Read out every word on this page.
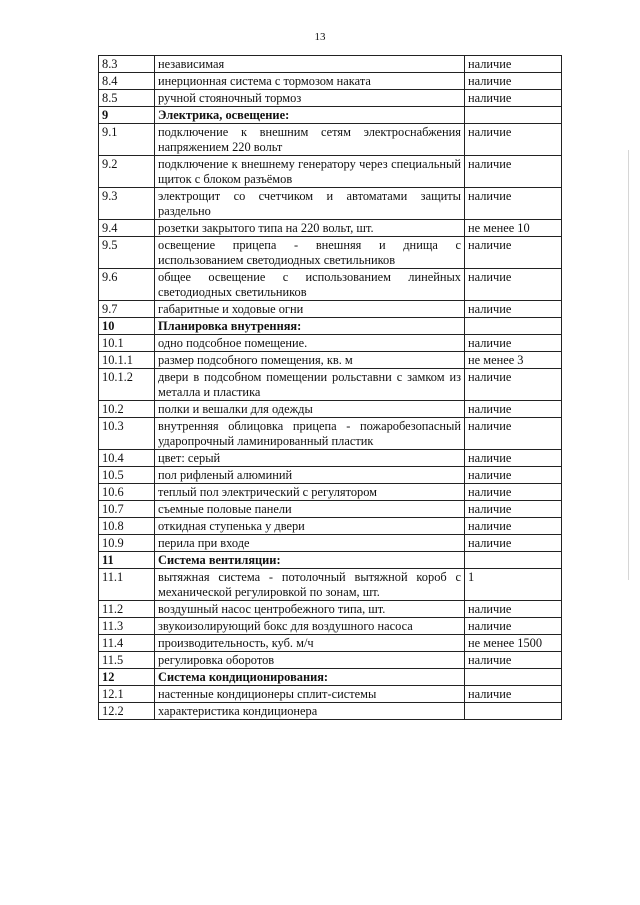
13
8.3	независимая	наличие
8.4	инерционная система с тормозом наката	наличие
8.5	ручной стояночный тормоз	наличие
9	Электрика, освещение:	
9.1	подключение к внешним сетям электроснабжения напряжением 220 вольт	наличие
9.2	подключение к внешнему генератору через специальный щиток с блоком разъёмов	наличие
9.3	электрощит со счетчиком и автоматами защиты раздельно	наличие
9.4	розетки закрытого типа на 220 вольт, шт.	не менее 10
9.5	освещение прицепа - внешняя и днища с использованием светодиодных светильников	наличие
9.6	общее освещение с использованием линейных светодиодных светильников	наличие
9.7	габаритные и ходовые огни	наличие
10	Планировка внутренняя:	
10.1	одно подсобное помещение.	наличие
10.1.1	размер подсобного помещения, кв. м	не менее 3
10.1.2	двери в подсобном помещении рольставни с замком из металла и пластика	наличие
10.2	полки и вешалки для одежды	наличие
10.3	внутренняя облицовка прицепа - пожаробезопасный ударопрочный ламинированный пластик	наличие
10.4	цвет: серый	наличие
10.5	пол рифленый алюминий	наличие
10.6	теплый пол электрический с регулятором	наличие
10.7	съемные половые панели	наличие
10.8	откидная ступенька у двери	наличие
10.9	перила при входе	наличие
11	Система вентиляции:	
11.1	вытяжная система - потолочный вытяжной короб с механической регулировкой по зонам, шт.	1
11.2	воздушный насос центробежного типа, шт.	наличие
11.3	звукоизолирующий бокс для воздушного насоса	наличие
11.4	производительность, куб. м/ч	не менее 1500
11.5	регулировка оборотов	наличие
12	Система кондиционирования:	
12.1	настенные кондиционеры сплит-системы	наличие
12.2	характеристика кондиционера	
